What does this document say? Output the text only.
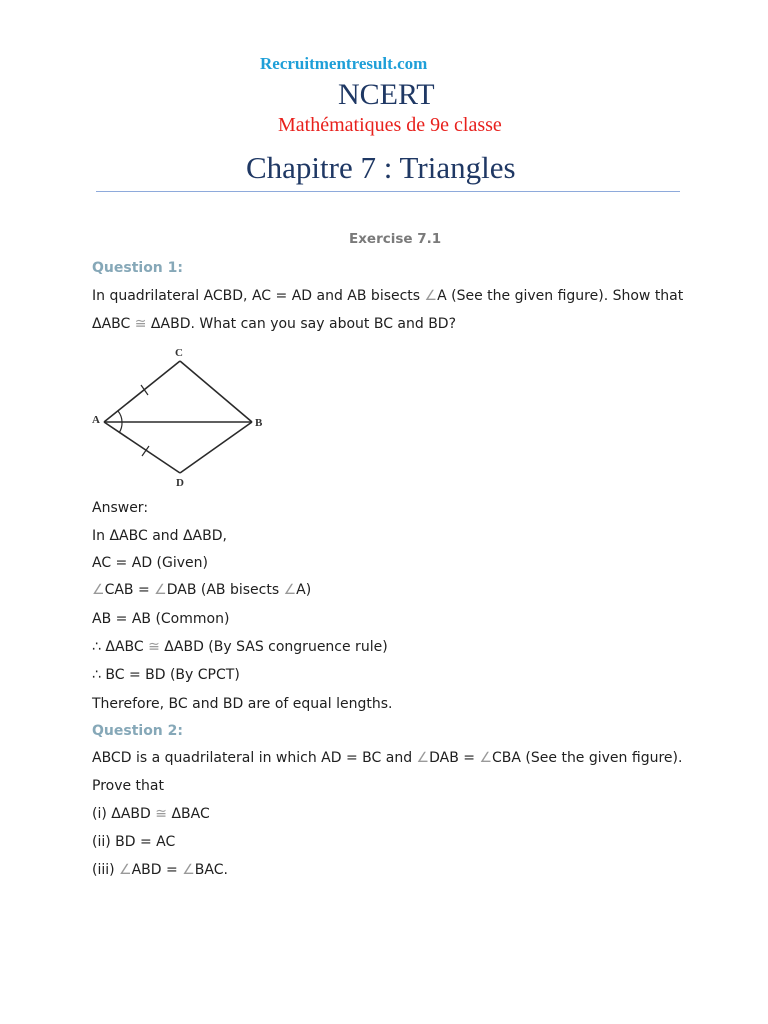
Recruitmentresult.com
NCERT
Mathématiques de 9e classe
Chapitre 7 : Triangles
Exercise 7.1
Question 1:
In quadrilateral ACBD, AC = AD and AB bisects ∠A (See the given figure). Show that
ΔABC ≅ ΔABD. What can you say about BC and BD?
A	B
C
D
Answer:
In ΔABC and ΔABD,
AC = AD (Given)
∠CAB = ∠DAB (AB bisects ∠A)
AB = AB (Common)
∴ ΔABC ≅ ΔABD (By SAS congruence rule)
∴ BC = BD (By CPCT)
Therefore, BC and BD are of equal lengths.
Question 2:
ABCD is a quadrilateral in which AD = BC and ∠DAB = ∠CBA (See the given figure).
Prove that
(i) ΔABD ≅ ΔBAC
(ii) BD = AC
(iii) ∠ABD = ∠BAC.
